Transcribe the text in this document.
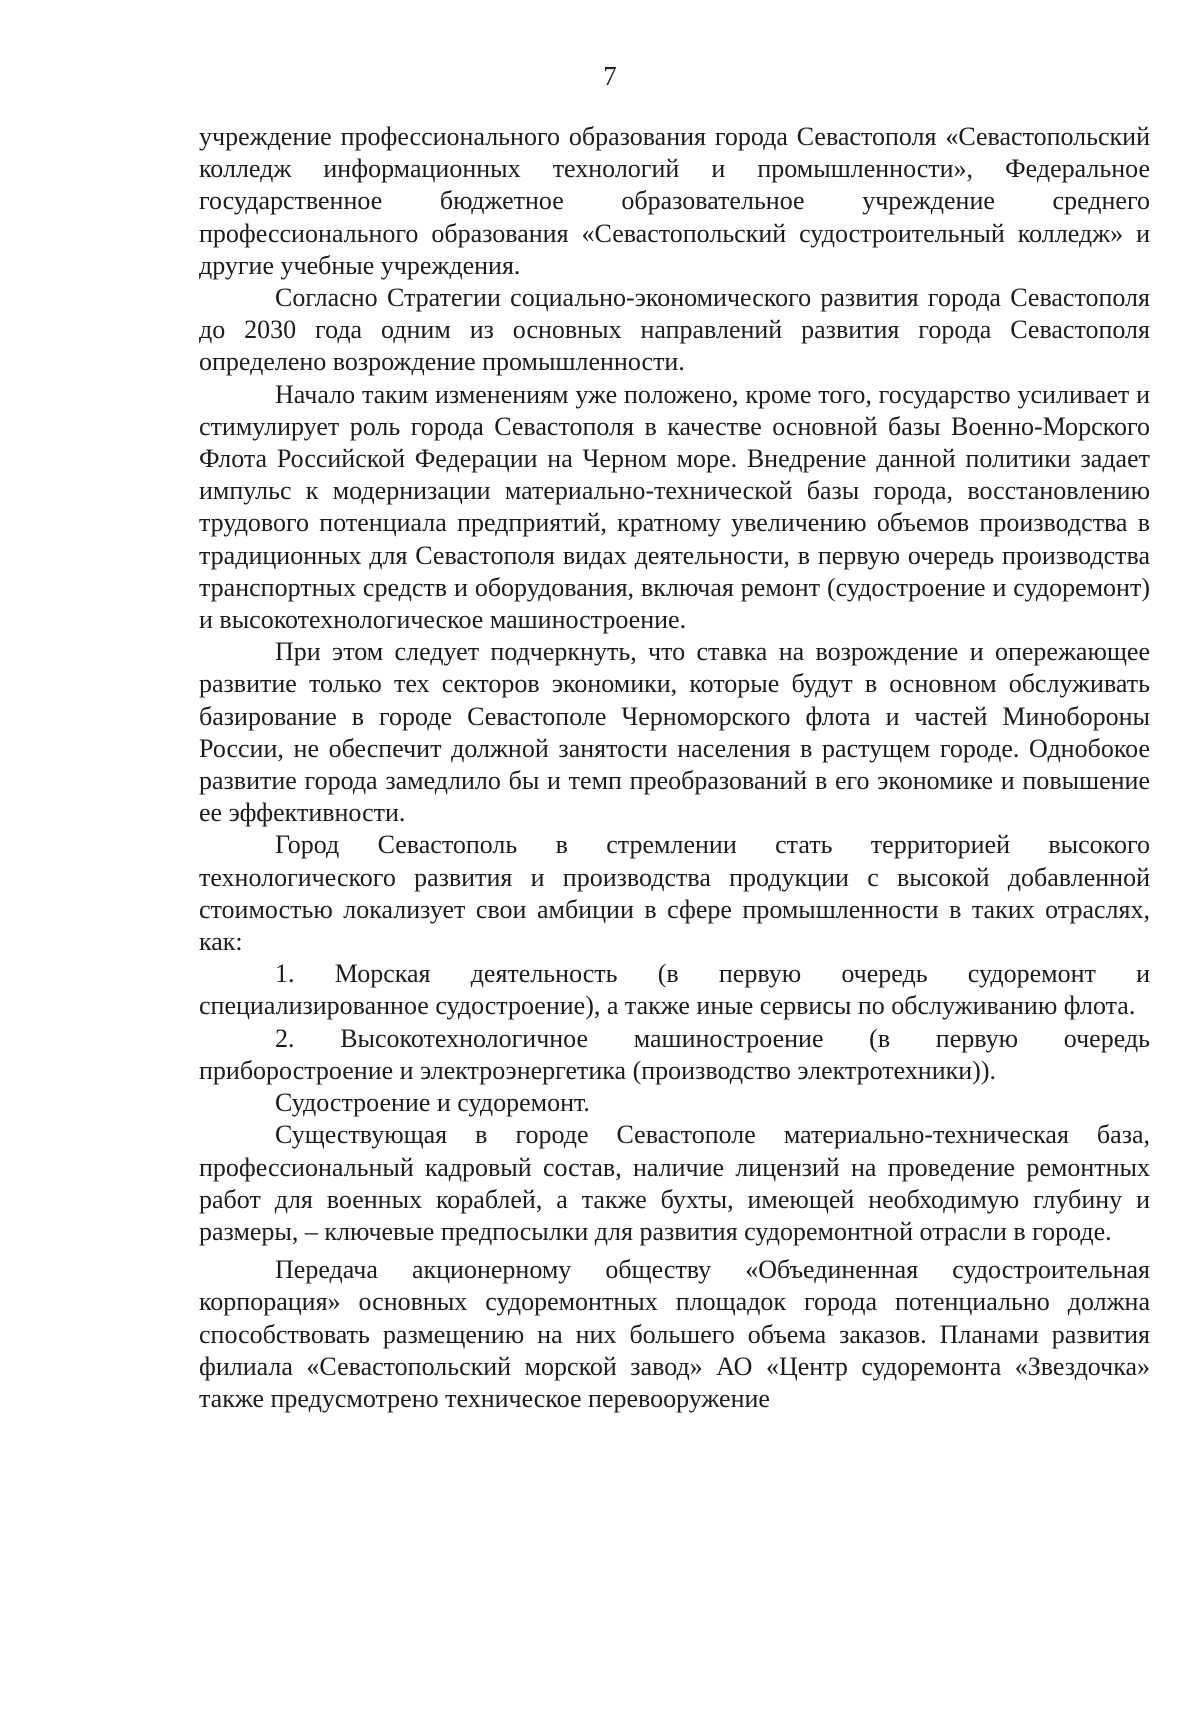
7

учреждение профессионального образования города Севастополя «Севастопольский колледж информационных технологий и промышленности», Федеральное государственное бюджетное образовательное учреждение среднего профессионального образования «Севастопольский судостроительный колледж» и другие учебные учреждения.

Согласно Стратегии социально-экономического развития города Севастополя до 2030 года одним из основных направлений развития города Севастополя определено возрождение промышленности.

Начало таким изменениям уже положено, кроме того, государство усиливает и стимулирует роль города Севастополя в качестве основной базы Военно-Морского Флота Российской Федерации на Черном море. Внедрение данной политики задает импульс к модернизации материально-технической базы города, восстановлению трудового потенциала предприятий, кратному увеличению объемов производства в традиционных для Севастополя видах деятельности, в первую очередь производства транспортных средств и оборудования, включая ремонт (судостроение и судоремонт) и высокотехнологическое машиностроение.

При этом следует подчеркнуть, что ставка на возрождение и опережающее развитие только тех секторов экономики, которые будут в основном обслуживать базирование в городе Севастополе Черноморского флота и частей Минобороны России, не обеспечит должной занятости населения в растущем городе. Однобокое развитие города замедлило бы и темп преобразований в его экономике и повышение ее эффективности.

Город Севастополь в стремлении стать территорией высокого технологического развития и производства продукции с высокой добавленной стоимостью локализует свои амбиции в сфере промышленности в таких отраслях, как:

1. Морская деятельность (в первую очередь судоремонт и специализированное судостроение), а также иные сервисы по обслуживанию флота.

2. Высокотехнологичное машиностроение (в первую очередь приборостроение и электроэнергетика (производство электротехники)).

Судостроение и судоремонт.

Существующая в городе Севастополе материально-техническая база, профессиональный кадровый состав, наличие лицензий на проведение ремонтных работ для военных кораблей, а также бухты, имеющей необходимую глубину и размеры, – ключевые предпосылки для развития судоремонтной отрасли в городе.

Передача акционерному обществу «Объединенная судостроительная корпорация» основных судоремонтных площадок города потенциально должна способствовать размещению на них большего объема заказов. Планами развития филиала «Севастопольский морской завод» АО «Центр судоремонта «Звездочка» также предусмотрено техническое перевооружение
